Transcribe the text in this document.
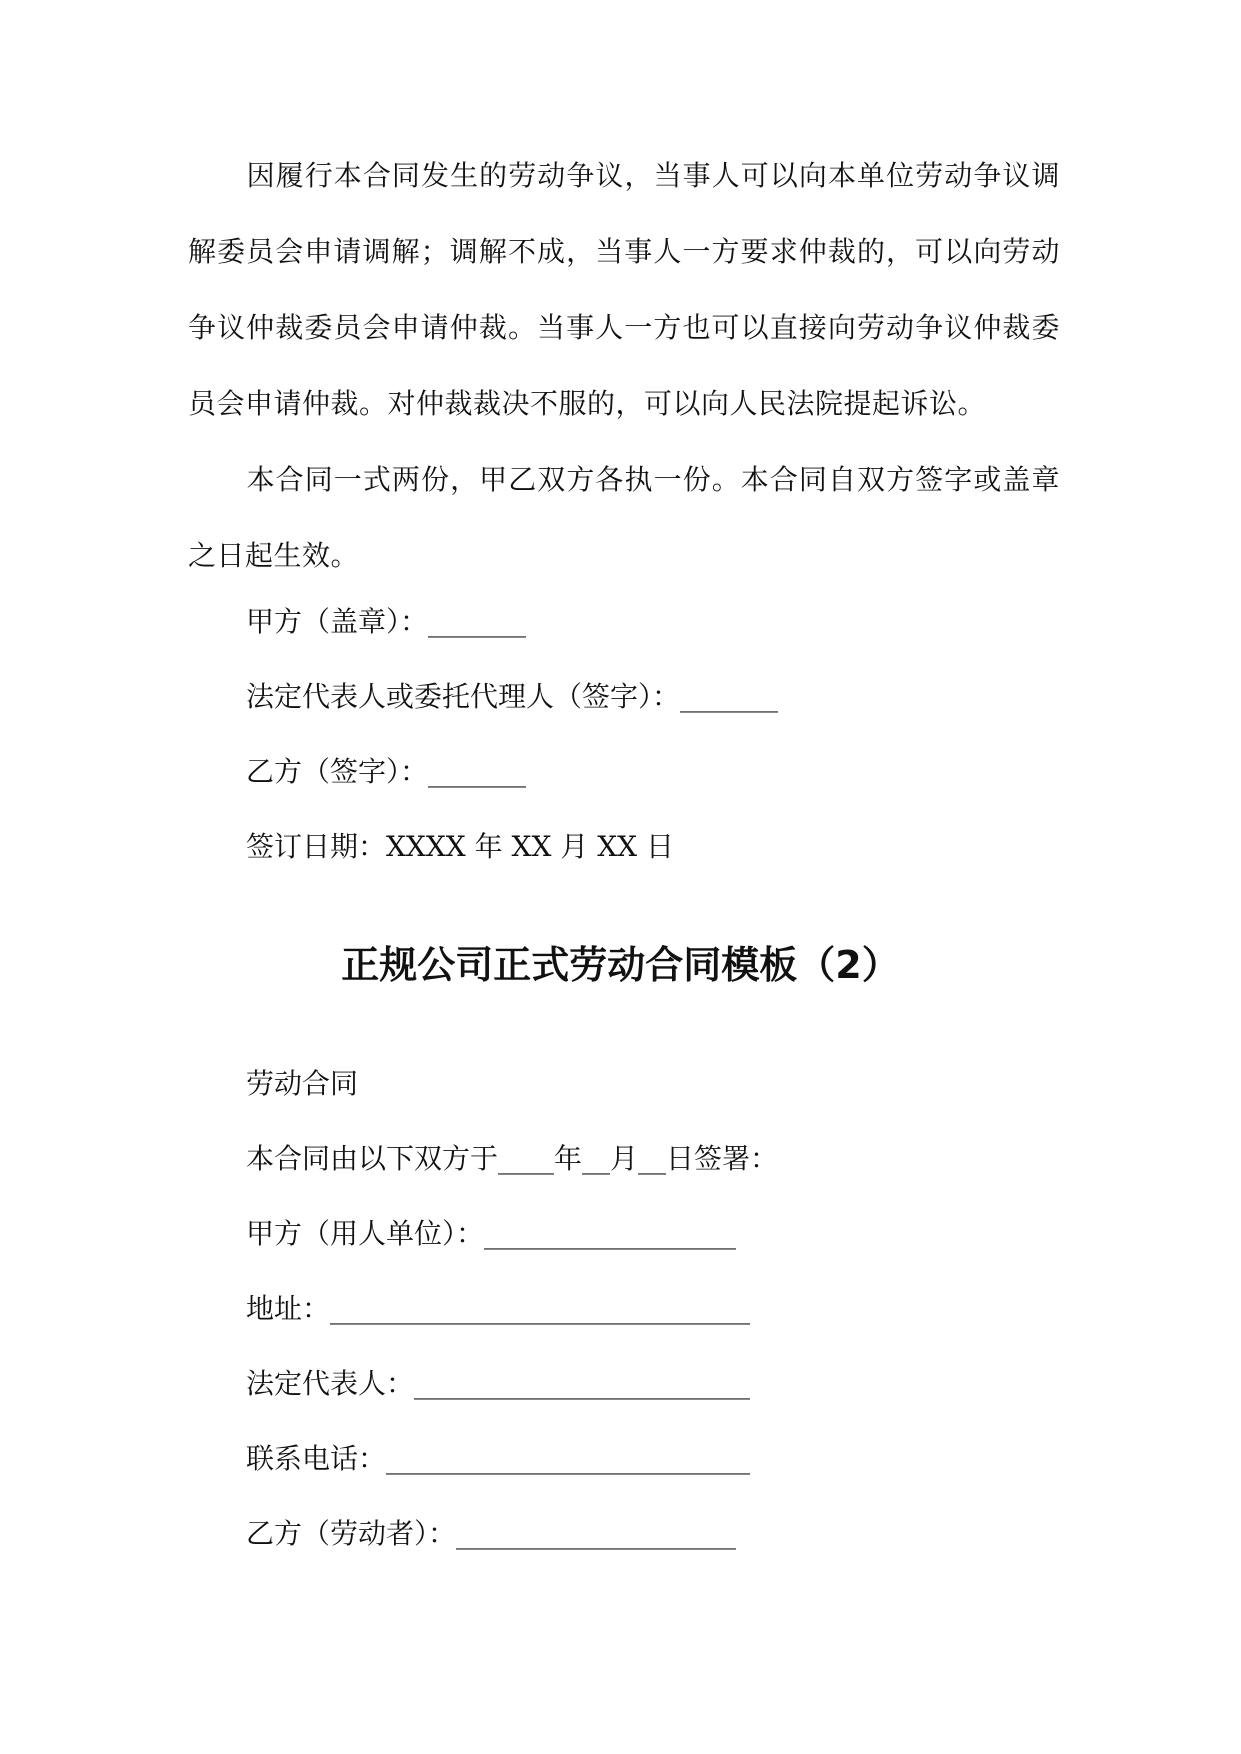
因履行本合同发生的劳动争议，当事人可以向本单位劳动争议调解委员会申请调解；调解不成，当事人一方要求仲裁的，可以向劳动争议仲裁委员会申请仲裁。当事人一方也可以直接向劳动争议仲裁委员会申请仲裁。对仲裁裁决不服的，可以向人民法院提起诉讼。

本合同一式两份，甲乙双方各执一份。本合同自双方签字或盖章之日起生效。

甲方（盖章）：_______

法定代表人或委托代理人（签字）：_______

乙方（签字）：_______

签订日期：XXXX 年 XX 月 XX 日

正规公司正式劳动合同模板（2）

劳动合同

本合同由以下双方于____年__月__日签署：

甲方（用人单位）：__________________

地址：______________________________

法定代表人：________________________

联系电话：__________________________

乙方（劳动者）：____________________
